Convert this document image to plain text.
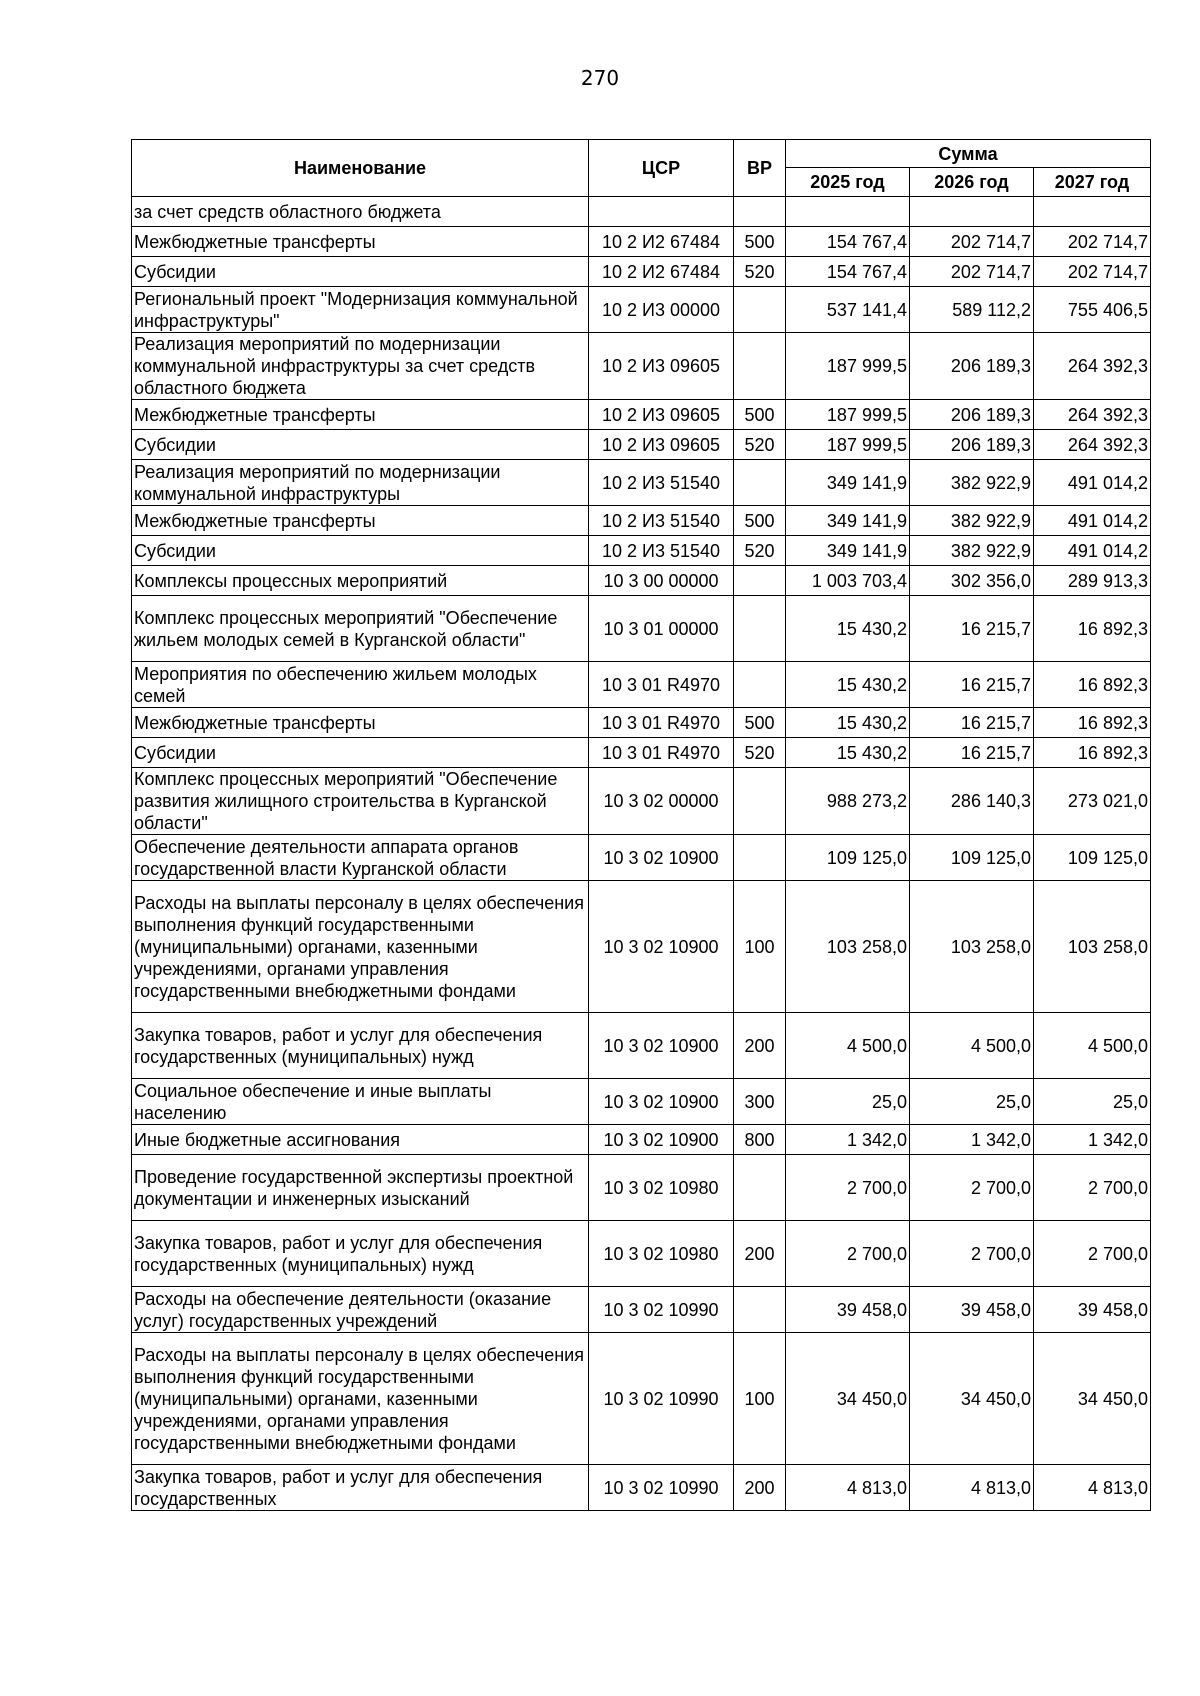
270
Наименование	ЦСР	ВР	Сумма		
			2025 год	2026 год	2027 год
за счет средств областного бюджета					
Межбюджетные трансферты	10 2 И2 67484	500	154 767,4	202 714,7	202 714,7
Субсидии	10 2 И2 67484	520	154 767,4	202 714,7	202 714,7
Региональный проект "Модернизация коммунальной инфраструктуры"	10 2 И3 00000		537 141,4	589 112,2	755 406,5
Реализация мероприятий по модернизации коммунальной инфраструктуры за счет средств областного бюджета	10 2 И3 09605		187 999,5	206 189,3	264 392,3
Межбюджетные трансферты	10 2 И3 09605	500	187 999,5	206 189,3	264 392,3
Субсидии	10 2 И3 09605	520	187 999,5	206 189,3	264 392,3
Реализация мероприятий по модернизации коммунальной инфраструктуры	10 2 И3 51540		349 141,9	382 922,9	491 014,2
Межбюджетные трансферты	10 2 И3 51540	500	349 141,9	382 922,9	491 014,2
Субсидии	10 2 И3 51540	520	349 141,9	382 922,9	491 014,2
Комплексы процессных мероприятий	10 3 00 00000		1 003 703,4	302 356,0	289 913,3
Комплекс процессных мероприятий "Обеспечение жильем молодых семей в Курганской области"	10 3 01 00000		15 430,2	16 215,7	16 892,3
Мероприятия по обеспечению жильем молодых семей	10 3 01 R4970		15 430,2	16 215,7	16 892,3
Межбюджетные трансферты	10 3 01 R4970	500	15 430,2	16 215,7	16 892,3
Субсидии	10 3 01 R4970	520	15 430,2	16 215,7	16 892,3
Комплекс процессных мероприятий "Обеспечение развития жилищного строительства в Курганской области"	10 3 02 00000		988 273,2	286 140,3	273 021,0
Обеспечение деятельности аппарата органов государственной власти Курганской области	10 3 02 10900		109 125,0	109 125,0	109 125,0
Расходы на выплаты персоналу в целях обеспечения выполнения функций государственными (муниципальными) органами, казенными учреждениями, органами управления государственными внебюджетными фондами	10 3 02 10900	100	103 258,0	103 258,0	103 258,0
Закупка товаров, работ и услуг для обеспечения государственных (муниципальных) нужд	10 3 02 10900	200	4 500,0	4 500,0	4 500,0
Социальное обеспечение и иные выплаты населению	10 3 02 10900	300	25,0	25,0	25,0
Иные бюджетные ассигнования	10 3 02 10900	800	1 342,0	1 342,0	1 342,0
Проведение государственной экспертизы проектной документации и инженерных изысканий	10 3 02 10980		2 700,0	2 700,0	2 700,0
Закупка товаров, работ и услуг для обеспечения государственных (муниципальных) нужд	10 3 02 10980	200	2 700,0	2 700,0	2 700,0
Расходы на обеспечение деятельности (оказание услуг) государственных учреждений	10 3 02 10990		39 458,0	39 458,0	39 458,0
Расходы на выплаты персоналу в целях обеспечения выполнения функций государственными (муниципальными) органами, казенными учреждениями, органами управления государственными внебюджетными фондами	10 3 02 10990	100	34 450,0	34 450,0	34 450,0
Закупка товаров, работ и услуг для обеспечения государственных	10 3 02 10990	200	4 813,0	4 813,0	4 813,0
